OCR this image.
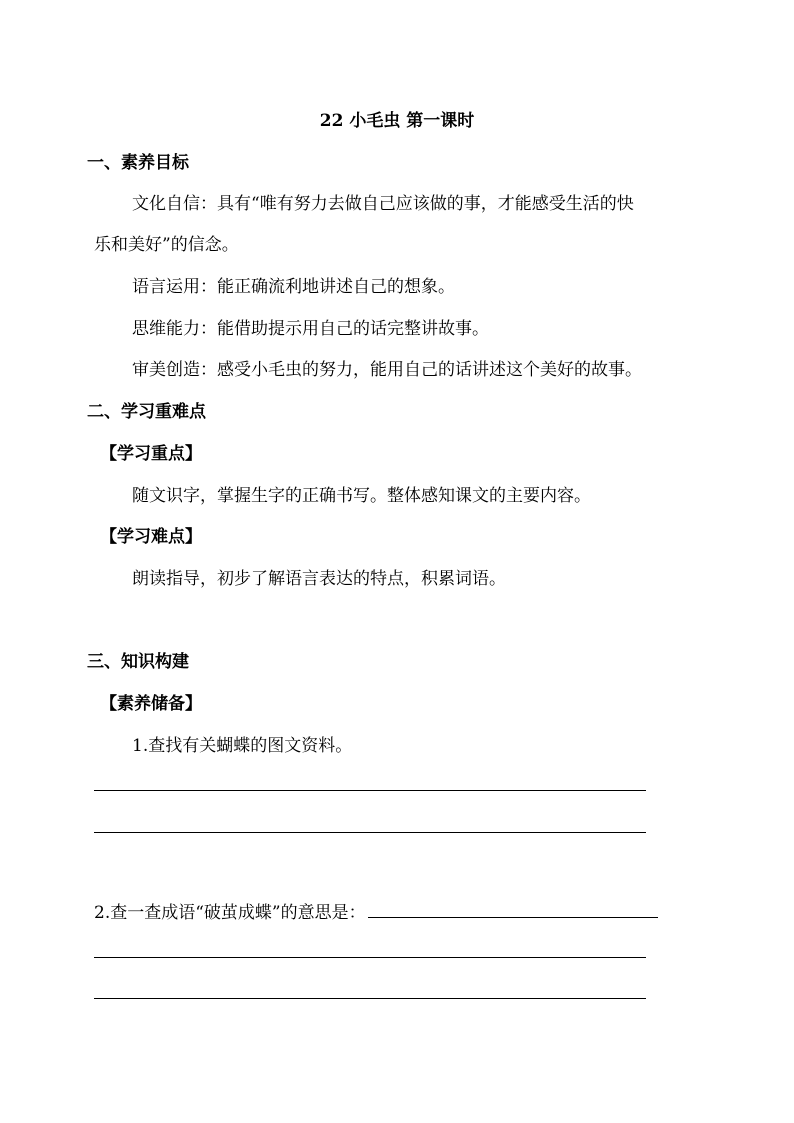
22 小毛虫 第一课时
一、素养目标
文化自信：具有“唯有努力去做自己应该做的事，才能感受生活的快
乐和美好”的信念。
语言运用：能正确流利地讲述自己的想象。
思维能力：能借助提示用自己的话完整讲故事。
审美创造：感受小毛虫的努力，能用自己的话讲述这个美好的故事。
二、学习重难点
【学习重点】
随文识字，掌握生字的正确书写。整体感知课文的主要内容。
【学习难点】
朗读指导，初步了解语言表达的特点，积累词语。
三、知识构建
【素养储备】
1.查找有关蝴蝶的图文资料。
2.查一查成语“破茧成蝶”的意思是：
